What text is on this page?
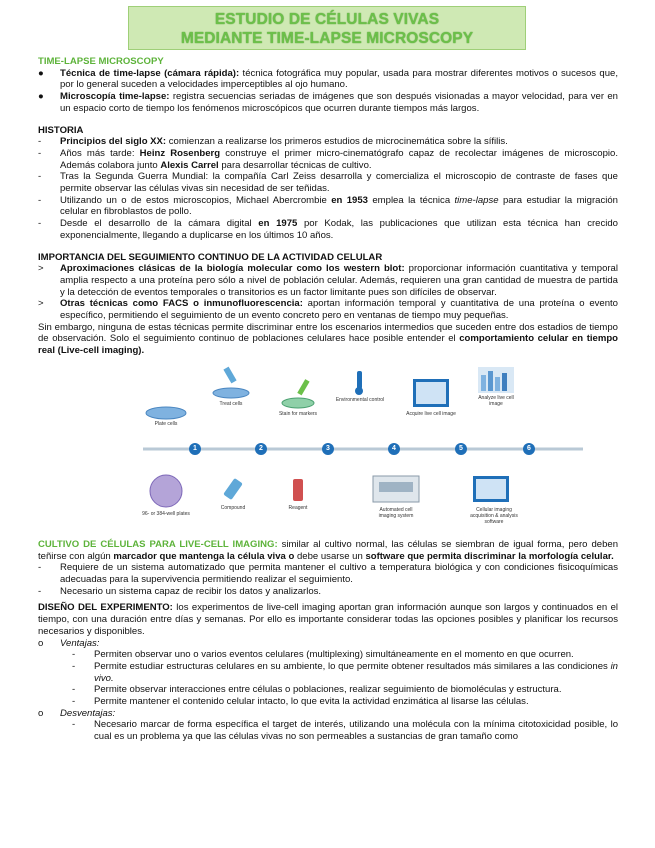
ESTUDIO DE CÉLULAS VIVAS
MEDIANTE TIME-LAPSE MICROSCOPY
TIME-LAPSE MICROSCOPY
● Técnica de time-lapse (cámara rápida): técnica fotográfica muy popular, usada para mostrar diferentes motivos o sucesos que, por lo general suceden a velocidades imperceptibles al ojo humano.
● Microscopía time-lapse: registra secuencias seriadas de imágenes que son después visionadas a mayor velocidad, para ver en un espacio corto de tiempo los fenómenos microscópicos que ocurren durante tiempos más largos.
HISTORIA
- Principios del siglo XX: comienzan a realizarse los primeros estudios de microcinemática sobre la sífilis.
- Años más tarde: Heinz Rosenberg construye el primer micro-cinematógrafo capaz de recolectar imágenes de microscopio. Además colabora junto Alexis Carrel para desarrollar técnicas de cultivo.
- Tras la Segunda Guerra Mundial: la compañía Carl Zeiss desarrolla y comercializa el microscopio de contraste de fases que permite observar las células vivas sin necesidad de ser teñidas.
- Utilizando un o de estos microscopios, Michael Abercrombie en 1953 emplea la técnica time-lapse para estudiar la migración celular en fibroblastos de pollo.
- Desde el desarrollo de la cámara digital en 1975 por Kodak, las publicaciones que utilizan esta técnica han crecido exponencialmente, llegando a duplicarse en los últimos 10 años.
IMPORTANCIA DEL SEGUIMIENTO CONTINUO DE LA ACTIVIDAD CELULAR
> Aproximaciones clásicas de la biología molecular como los western blot: proporcionar información cuantitativa y temporal amplia respecto a una proteína pero sólo a nivel de población celular. Además, requieren una gran cantidad de muestra de partida y la detección de eventos temporales o transitorios es un factor limitante pues son difíciles de observar.
> Otras técnicas como FACS o inmunofluorescencia: aportan información temporal y cuantitativa de una proteína o evento específico, permitiendo el seguimiento de un evento concreto pero en ventanas de tiempo muy pequeñas.

Sin embargo, ninguna de estas técnicas permite discriminar entre los escenarios intermedios que suceden entre dos estadios de tiempo de observación. Solo el seguimiento continuo de poblaciones celulares hace posible entender el comportamiento celular en tiempo real (Live-cell imaging).

1	2	3	4	5	6
Plate cells
Treat cells
Stain for markers
Environmental control
Acquire live cell image
Analyze live cell image
96- or 384-well plates
Compound	Reagent	Automated cell imaging system
Cellular imaging acquisition & analysis software

CULTIVO DE CÉLULAS PARA LIVE-CELL IMAGING: similar al cultivo normal, las células se siembran de igual forma, pero deben teñirse con algún marcador que mantenga la célula viva o debe usarse un software que permita discriminar la morfología celular.

- Requiere de un sistema automatizado que permita mantener el cultivo a temperatura biológica y con condiciones fisicoquímicas adecuadas para la supervivencia permitiendo realizar el seguimiento.
- Necesario un sistema capaz de recibir los datos y analizarlos.

DISEÑO DEL EXPERIMENTO: los experimentos de live-cell imaging aportan gran información aunque son largos y continuados en el tiempo, con una duración entre días y semanas. Por ello es importante considerar todas las opciones posibles y planificar los recursos necesarios y disponibles.

o Ventajas:
- Permiten observar uno o varios eventos celulares (multiplexing) simultáneamente en el momento en que ocurren.
- Permite estudiar estructuras celulares en su ambiente, lo que permite obtener resultados más similares a las condiciones in vivo.
- Permite observar interacciones entre células o poblaciones, realizar seguimiento de biomoléculas y estructura.
- Permite mantener el contenido celular intacto, lo que evita la actividad enzimática al lisarse las células.
o Desventajas:
- Necesario marcar de forma específica el target de interés, utilizando una molécula con la mínima citotoxicidad posible, lo cual es un problema ya que las células vivas no son permeables a sustancias de gran tamaño como
